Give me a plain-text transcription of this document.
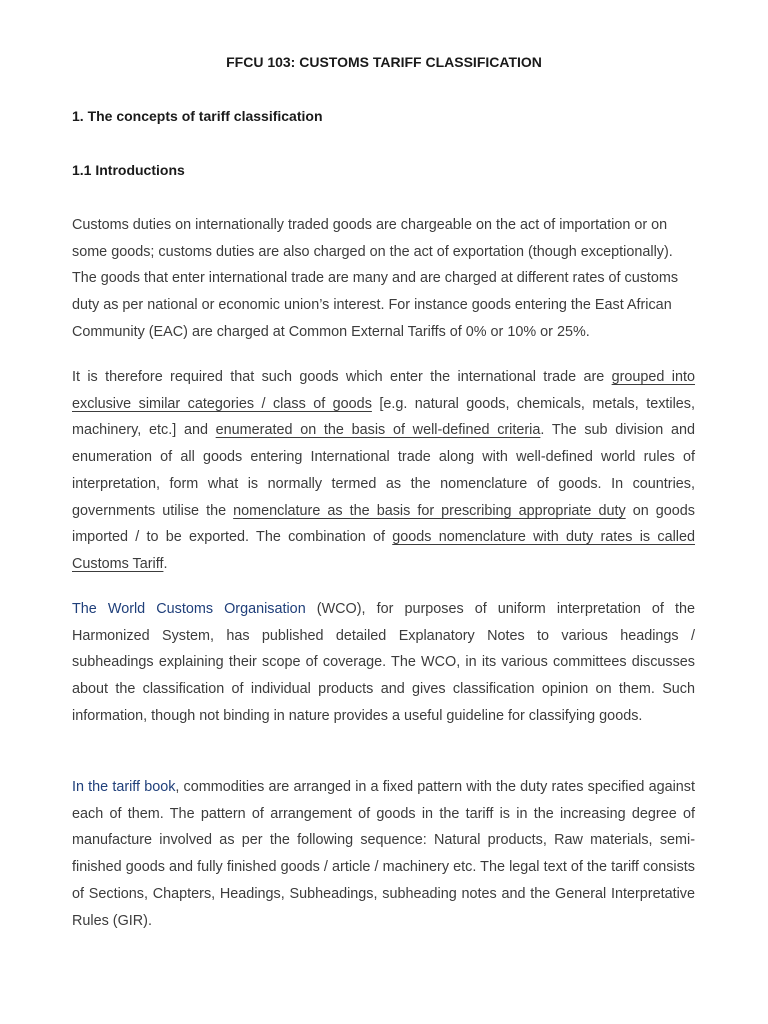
FFCU 103: CUSTOMS TARIFF CLASSIFICATION
1. The concepts of tariff classification
1.1 Introductions

Customs duties on internationally traded goods are chargeable on the act of importation or on some goods; customs duties are also charged on the act of exportation (though exceptionally). The goods that enter international trade are many and are charged at different rates of customs duty as per national or economic union’s interest. For instance goods entering the East African Community (EAC) are charged at Common External Tariffs of 0% or 10% or 25%.

It is therefore required that such goods which enter the international trade are grouped into exclusive similar categories / class of goods [e.g. natural goods, chemicals, metals, textiles, machinery, etc.] and enumerated on the basis of well-defined criteria. The sub division and enumeration of all goods entering International trade along with well-defined world rules of interpretation, form what is normally termed as the nomenclature of goods. In countries, governments utilise the nomenclature as the basis for prescribing appropriate duty on goods imported / to be exported. The combination of goods nomenclature with duty rates is called Customs Tariff.

The World Customs Organisation (WCO), for purposes of uniform interpretation of the Harmonized System, has published detailed Explanatory Notes to various headings / subheadings explaining their scope of coverage. The WCO, in its various committees discusses about the classification of individual products and gives classification opinion on them. Such information, though not binding in nature provides a useful guideline for classifying goods.

In the tariff book, commodities are arranged in a fixed pattern with the duty rates specified against each of them. The pattern of arrangement of goods in the tariff is in the increasing degree of manufacture involved as per the following sequence: Natural products, Raw materials, semi-finished goods and fully finished goods / article / machinery etc. The legal text of the tariff consists of Sections, Chapters, Headings, Subheadings, subheading notes and the General Interpretative Rules (GIR).
